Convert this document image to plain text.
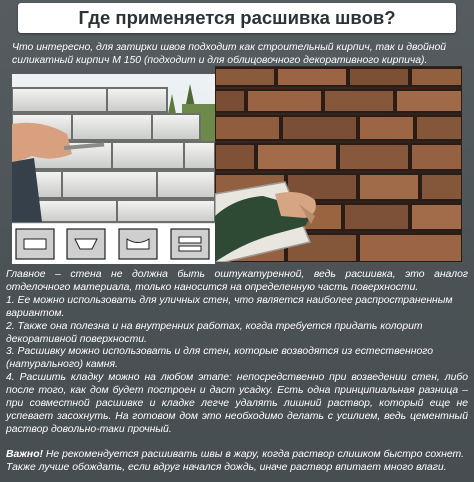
Где применяется расшивка швов?
Что интересно, для затирки швов подходит как строительный кирпич, так и двойной силикатный кирпич М 150 (подходит и для облицовочного декоративного кирпича).

Главное – стена не должна быть оштукатуренной, ведь расшивка, это аналог отделочного материала, только наносится на определенную часть поверхности.

1. Ее можно использовать для уличных стен, что является наиболее распространенным вариантом.

2. Также она полезна и на внутренних работах, когда требуется придать колорит декоративной поверхности.

3. Расшивку можно использовать и для стен, которые возводятся из естественного (натурального) камня.

4. Расшить кладку можно на любом этапе: непосредственно при возведении стен, либо после того, как дом будет построен и даст усадку. Есть одна принципиальная разница – при совместной расшивке и кладке легче удалять лишний раствор, который еще не успевает засохнуть. На готовом дом это необходимо делать с усилием, ведь цементный раствор довольно-таки прочный.

Важно! Не рекомендуется расшивать швы в жару, когда раствор слишком быстро сохнет. Также лучше обождать, если вдруг начался дождь, иначе раствор впитает много влаги.
